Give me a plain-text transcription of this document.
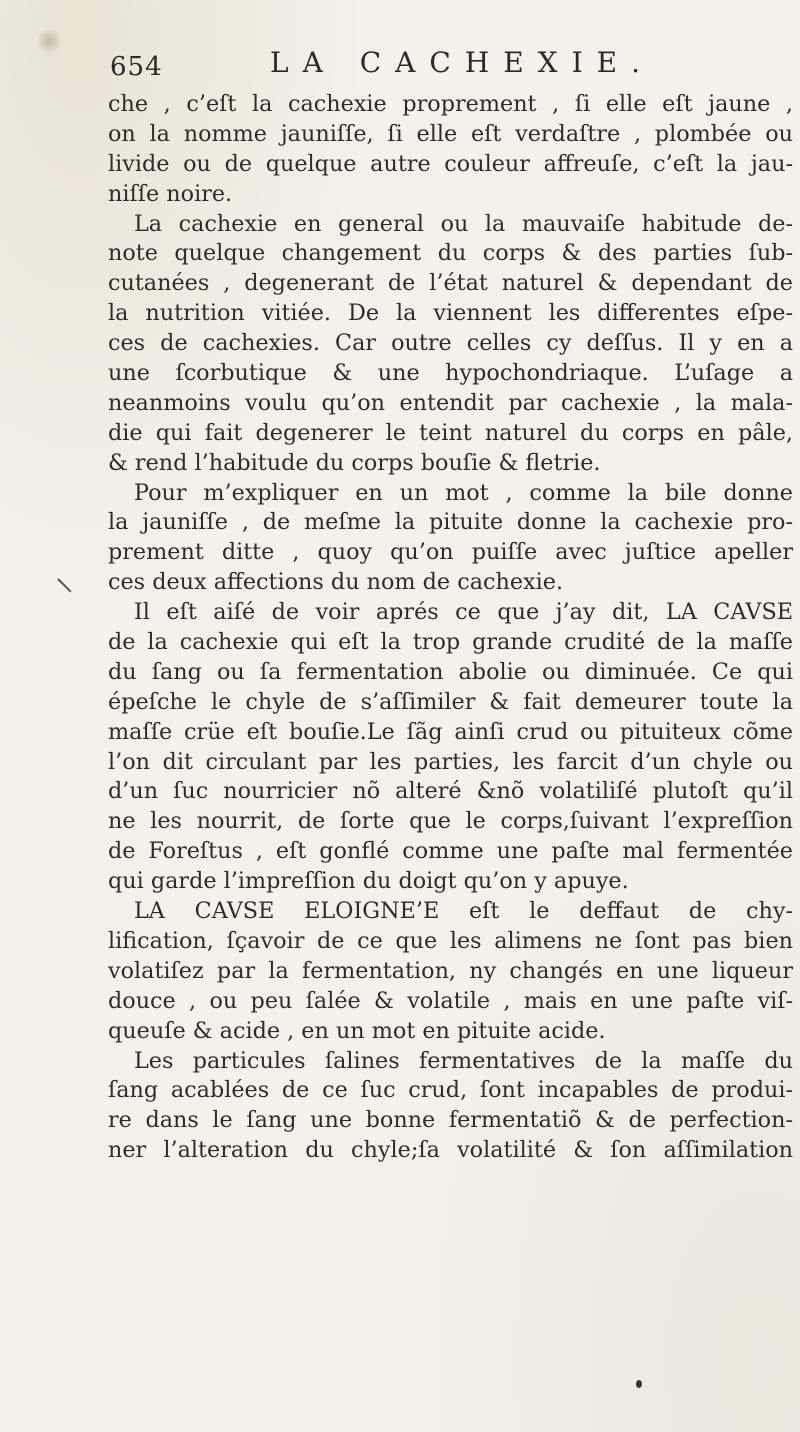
654	LA CACHEXIE.
che , c’eſt la cachexie proprement , ſi elle eſt jaune ,
on la nomme jauniſſe, ſi elle eſt verdaſtre , plombée ou
livide ou de quelque autre couleur affreuſe, c’eſt la jau-
niſſe noire.
La cachexie en general ou la mauvaiſe habitude de-
note quelque changement du corps & des parties ſub-
cutanées , degenerant de l’état naturel & dependant de
la nutrition vitiée. De la viennent les differentes eſpe-
ces de cachexies. Car outre celles cy deſſus. Il y en a
une ſcorbutique & une hypochondriaque. L’uſage a
neanmoins voulu qu’on entendit par cachexie , la mala-
die qui fait degenerer le teint naturel du corps en pâle,
& rend l’habitude du corps bouſie & fletrie.
Pour m’expliquer en un mot , comme la bile donne
la jauniſſe , de meſme la pituite donne la cachexie pro-
prement ditte , quoy qu’on puiſſe avec juſtice apeller
ces deux affections du nom de cachexie.
Il eſt aiſé de voir aprés ce que j’ay dit, LA CAVSE
de la cachexie qui eſt la trop grande crudité de la maſſe
du ſang ou ſa fermentation abolie ou diminuée. Ce qui
épeſche le chyle de s’aſſimiler & fait demeurer toute la
maſſe crüe eſt bouſie.Le ſãg ainſi crud ou pituiteux cõme
l’on dit circulant par les parties, les farcit d’un chyle ou
d’un ſuc nourricier nõ alteré &nõ volatiliſé plutoſt qu’il
ne les nourrit, de ſorte que le corps,ſuivant l’expreſſion
de Foreſtus , eſt gonflé comme une paſte mal fermentée
qui garde l’impreſſion du doigt qu’on y apuye.
LA CAVSE ELOIGNE’E eſt le deffaut de chy-
lification, ſçavoir de ce que les alimens ne ſont pas bien
volatiſez par la fermentation, ny changés en une liqueur
douce , ou peu ſalée & volatile , mais en une paſte viſ-
queuſe & acide , en un mot en pituite acide.
Les particules ſalines fermentatives de la maſſe du
ſang acablées de ce ſuc crud, ſont incapables de produi-
re dans le ſang une bonne fermentatiõ & de perfection-
ner l’alteration du chyle;ſa volatilité & ſon aſſimilation
